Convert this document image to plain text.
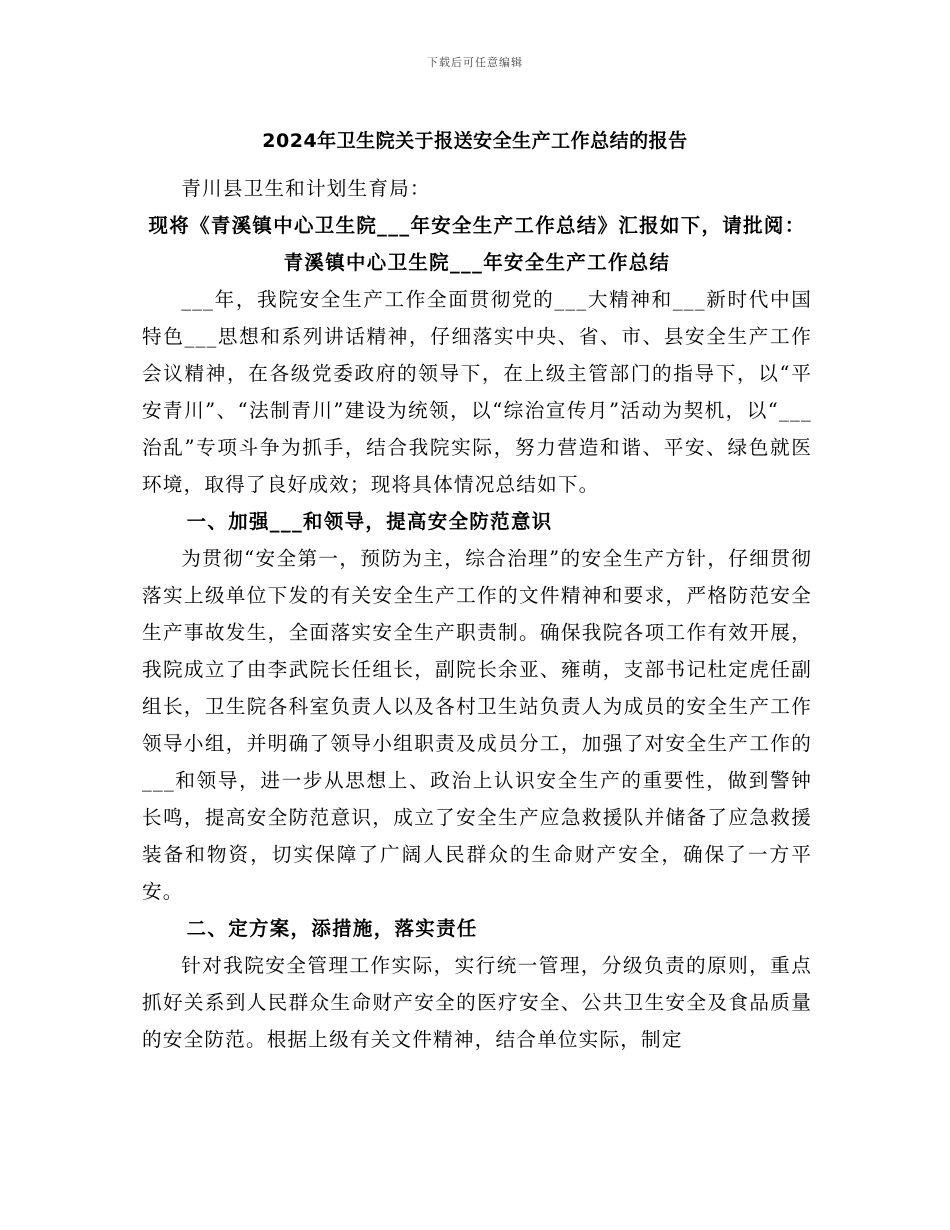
下载后可任意编辑
2024年卫生院关于报送安全生产工作总结的报告

青川县卫生和计划生育局：

现将《青溪镇中心卫生院___年安全生产工作总结》汇报如下，请批阅：

青溪镇中心卫生院___年安全生产工作总结

___年，我院安全生产工作全面贯彻党的___大精神和___新时代中国特色___思想和系列讲话精神，仔细落实中央、省、市、县安全生产工作会议精神，在各级党委政府的领导下，在上级主管部门的指导下，以“平安青川”、“法制青川”建设为统领，以“综治宣传月”活动为契机，以“___治乱”专项斗争为抓手，结合我院实际，努力营造和谐、平安、绿色就医环境，取得了良好成效；现将具体情况总结如下。

一、加强___和领导，提高安全防范意识

为贯彻“安全第一，预防为主，综合治理”的安全生产方针，仔细贯彻落实上级单位下发的有关安全生产工作的文件精神和要求，严格防范安全生产事故发生，全面落实安全生产职责制。确保我院各项工作有效开展，我院成立了由李武院长任组长，副院长余亚、雍萌，支部书记杜定虎任副组长，卫生院各科室负责人以及各村卫生站负责人为成员的安全生产工作领导小组，并明确了领导小组职责及成员分工，加强了对安全生产工作的___和领导，进一步从思想上、政治上认识安全生产的重要性，做到警钟长鸣，提高安全防范意识，成立了安全生产应急救援队并储备了应急救援装备和物资，切实保障了广阔人民群众的生命财产安全，确保了一方平安。

二、定方案，添措施，落实责任

针对我院安全管理工作实际，实行统一管理，分级负责的原则，重点抓好关系到人民群众生命财产安全的医疗安全、公共卫生安全及食品质量的安全防范。根据上级有关文件精神，结合单位实际，制定
